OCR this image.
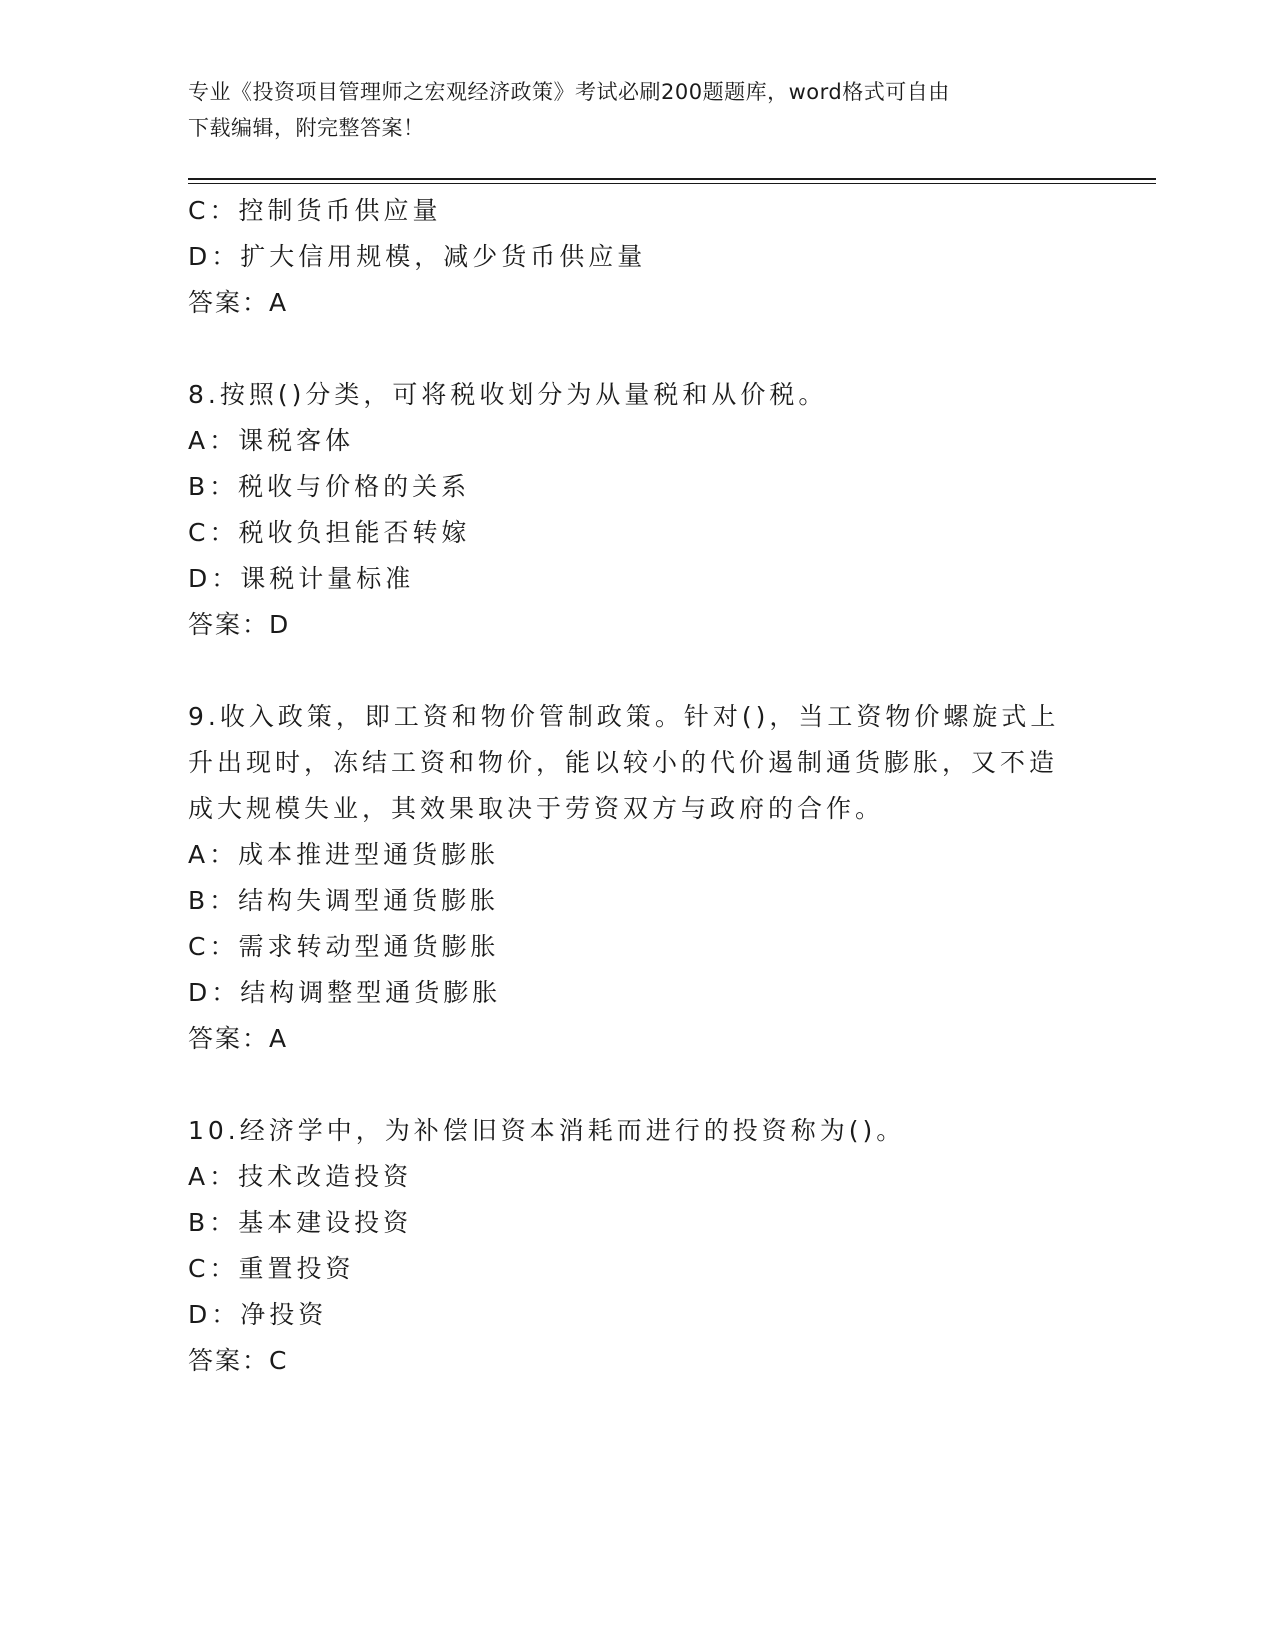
专业《投资项目管理师之宏观经济政策》考试必刷200题题库，word格式可自由
下载编辑，附完整答案！
C：控制货币供应量
D：扩大信用规模，减少货币供应量
答案：A
8.按照()分类，可将税收划分为从量税和从价税。
A：课税客体
B：税收与价格的关系
C：税收负担能否转嫁
D：课税计量标准
答案：D
9.收入政策，即工资和物价管制政策。针对()，当工资物价螺旋式上
升出现时，冻结工资和物价，能以较小的代价遏制通货膨胀，又不造
成大规模失业，其效果取决于劳资双方与政府的合作。
A：成本推进型通货膨胀
B：结构失调型通货膨胀
C：需求转动型通货膨胀
D：结构调整型通货膨胀
答案：A
10.经济学中，为补偿旧资本消耗而进行的投资称为()。
A：技术改造投资
B：基本建设投资
C：重置投资
D：净投资
答案：C
